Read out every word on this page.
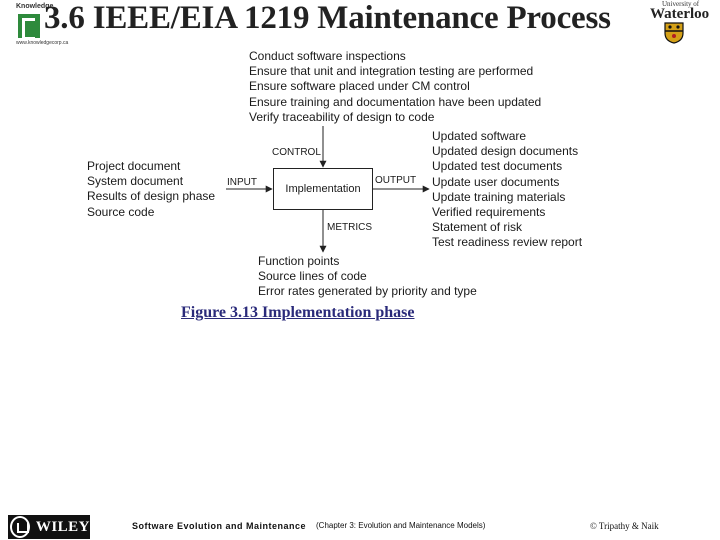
Knowledge
www.knowledgecorp.ca
3.6 IEEE/EIA 1219 Maintenance Process	University of
Waterloo
Conduct software inspections
Ensure that unit and integration testing are performed
Ensure software placed under CM control
Ensure training and documentation have been updated
Verify traceability of design to code
Project document
System document
Results of design phase
Source code
Updated software
Updated design documents
Updated test documents
Update user documents
Update training materials
Verified requirements
Statement of risk
Test readiness review report
Function points
Source lines of code
Error rates generated by priority and type
Implementation
CONTROL
INPUT	OUTPUT
METRICS
Figure 3.13 Implementation phase
WILEY	Software Evolution and Maintenance (Chapter 3: Evolution and Maintenance Models)	© Tripathy & Naik
